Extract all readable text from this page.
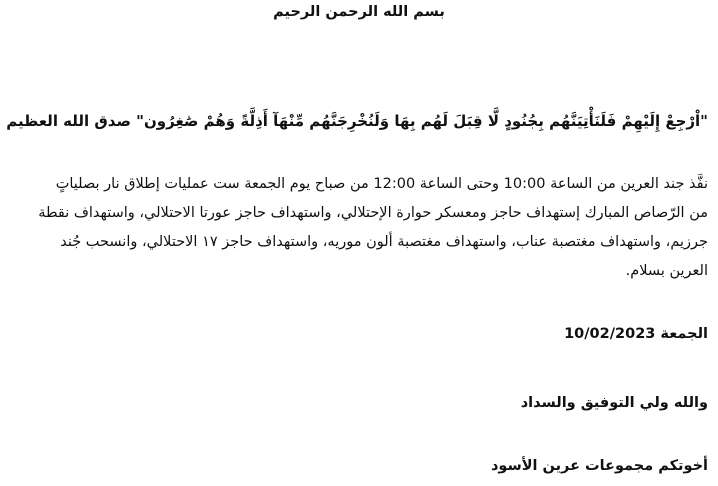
بسم الله الرحمن الرحيم
"اْرْجِعْ إِلَيْهِمْ فَلَنَأْتِيَنَّهُم بِجُنُودٍ لَّا قِبَلَ لَهُم بِهَا وَلَنُخْرِجَنَّهُم مِّنْهَآ أَذِلَّةً وَهُمْ صَٰغِرُون" صدق الله العظيم
نفَّذ جند العرين من الساعة 10:00 وحتى الساعة 12:00 من صباح يوم الجمعة ست عمليات إطلاق نار بصلياتٍ
من الرّصاص المبارك إستهداف حاجز ومعسكر حوارة الإحتلالي، واستهداف حاجز عورتا الاحتلالي، واستهداف نقطة
جرزيم، واستهداف مغتصبة عناب، واستهداف مغتصبة ألون موريه، واستهداف حاجز ١٧ الاحتلالي، وانسحب جُند
العرين بسلام.
الجمعة 10/02/2023
والله ولي التوفيق والسداد
أخوتكم مجموعات عرين الأسود
